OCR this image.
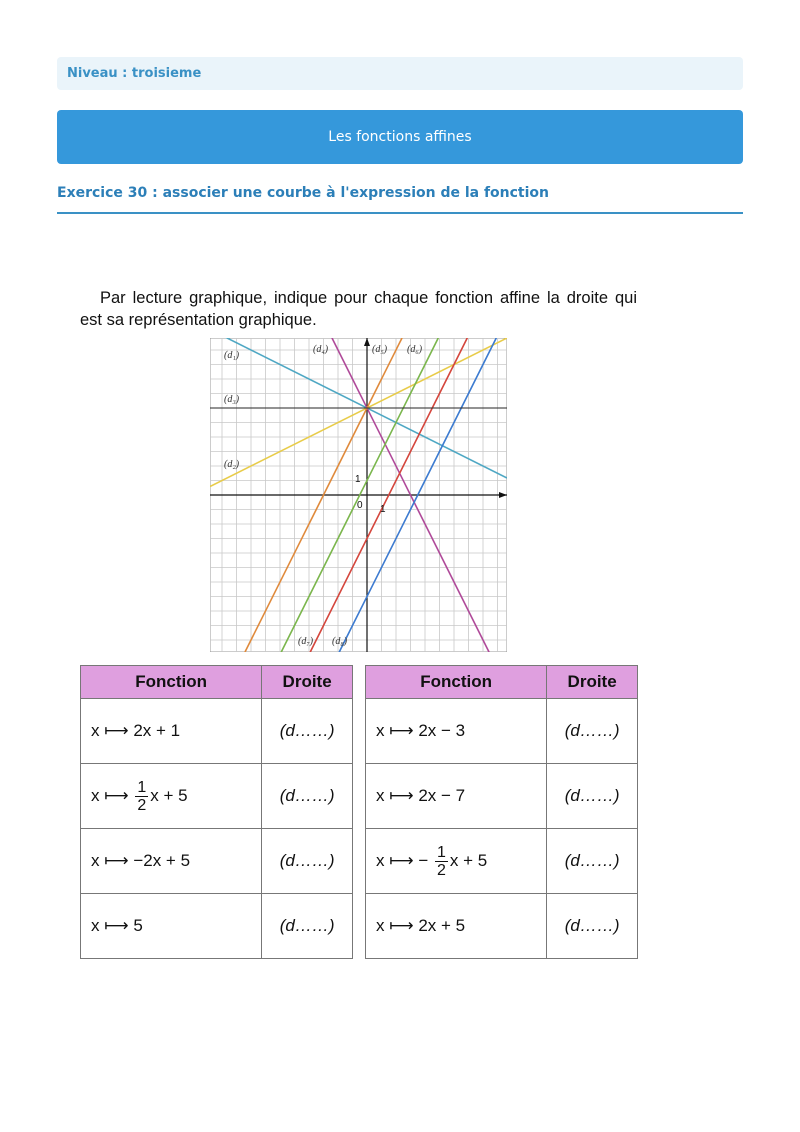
Niveau : troisieme
Les fonctions affines
Exercice 30 : associer une courbe à l'expression de la fonction
Par lecture graphique, indique pour chaque fonction affine la droite qui est sa représentation graphique.
(d₁)
(d₂)
(d₃)
(d₄)	(d₅) (d₆)
(d₇) (d₈)
1
0 1
Fonction	Droite
x ⟼ 2x + 1	(d……)
x ⟼ $\frac{1}{2}$ x + 5	(d……)
x ⟼ −2x + 5	(d……)
x ⟼ 5	(d……)
Fonction	Droite
x ⟼ 2x − 3	(d……)
x ⟼ 2x − 7	(d……)
x ⟼ − $\frac{1}{2}$ x + 5	(d……)
x ⟼ 2x + 5	(d……)
